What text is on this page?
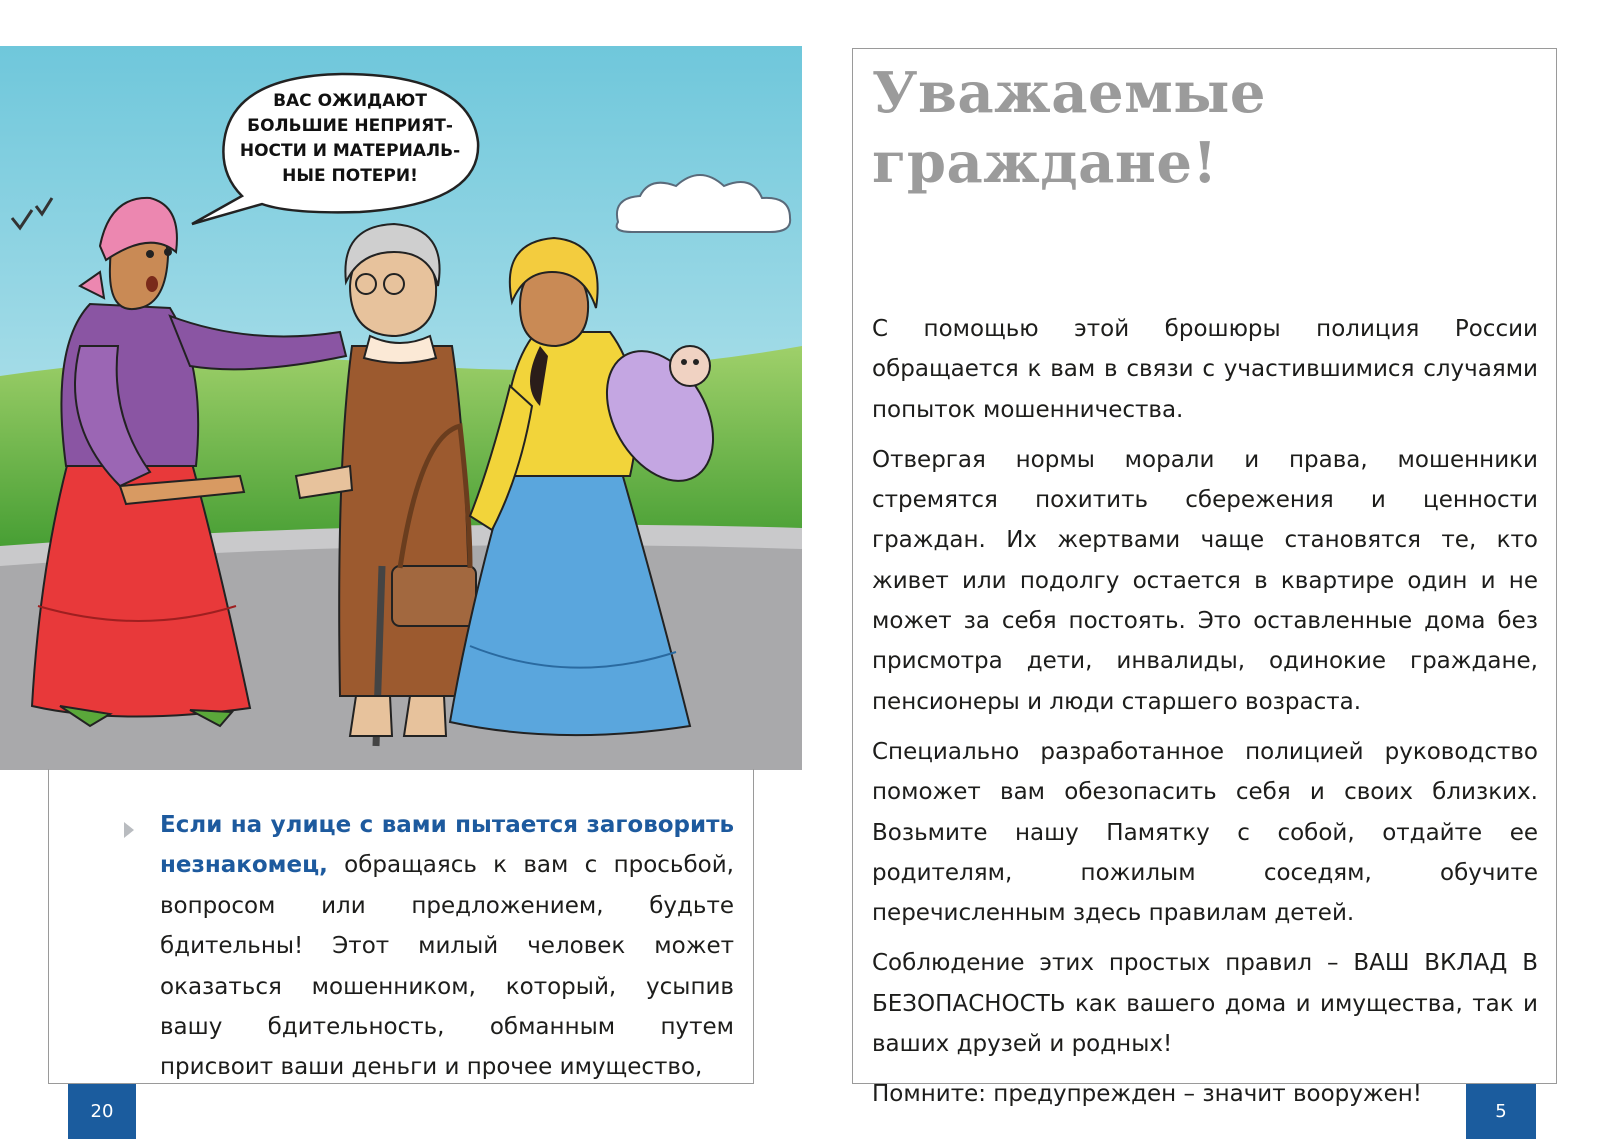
ВАС ОЖИДАЮТ
БОЛЬШИЕ НЕПРИЯТ-
НОСТИ И МАТЕРИАЛЬ-
НЫЕ ПОТЕРИ!
Если на улице с вами пытается заговорить незнакомец, обращаясь к вам с просьбой, вопросом или предложением, будьте бдительны! Этот милый человек может оказаться мошенником, который, усыпив вашу бдительность, обманным путем присвоит ваши деньги и прочее имущество,
20
Уважаемые
граждане!

С помощью этой брошюры полиция России обращается к вам в связи с участившимися случаями попыток мошенничества.

Отвергая нормы морали и права, мошенники стремятся похитить сбережения и ценности граждан. Их жертвами чаще становятся те, кто живет или подолгу остается в квартире один и не может за себя постоять. Это оставленные дома без присмотра дети, инвалиды, одинокие граждане, пенсионеры и люди старшего возраста.

Специально разработанное полицией руководство поможет вам обезопасить себя и своих близких. Возьмите нашу Памятку с собой, отдайте ее родителям, пожилым соседям, обучите перечисленным здесь правилам детей.

Соблюдение этих простых правил – ВАШ ВКЛАД В БЕЗОПАСНОСТЬ как вашего дома и имущества, так и ваших друзей и родных!

Помните: предупрежден – значит вооружен!

5
